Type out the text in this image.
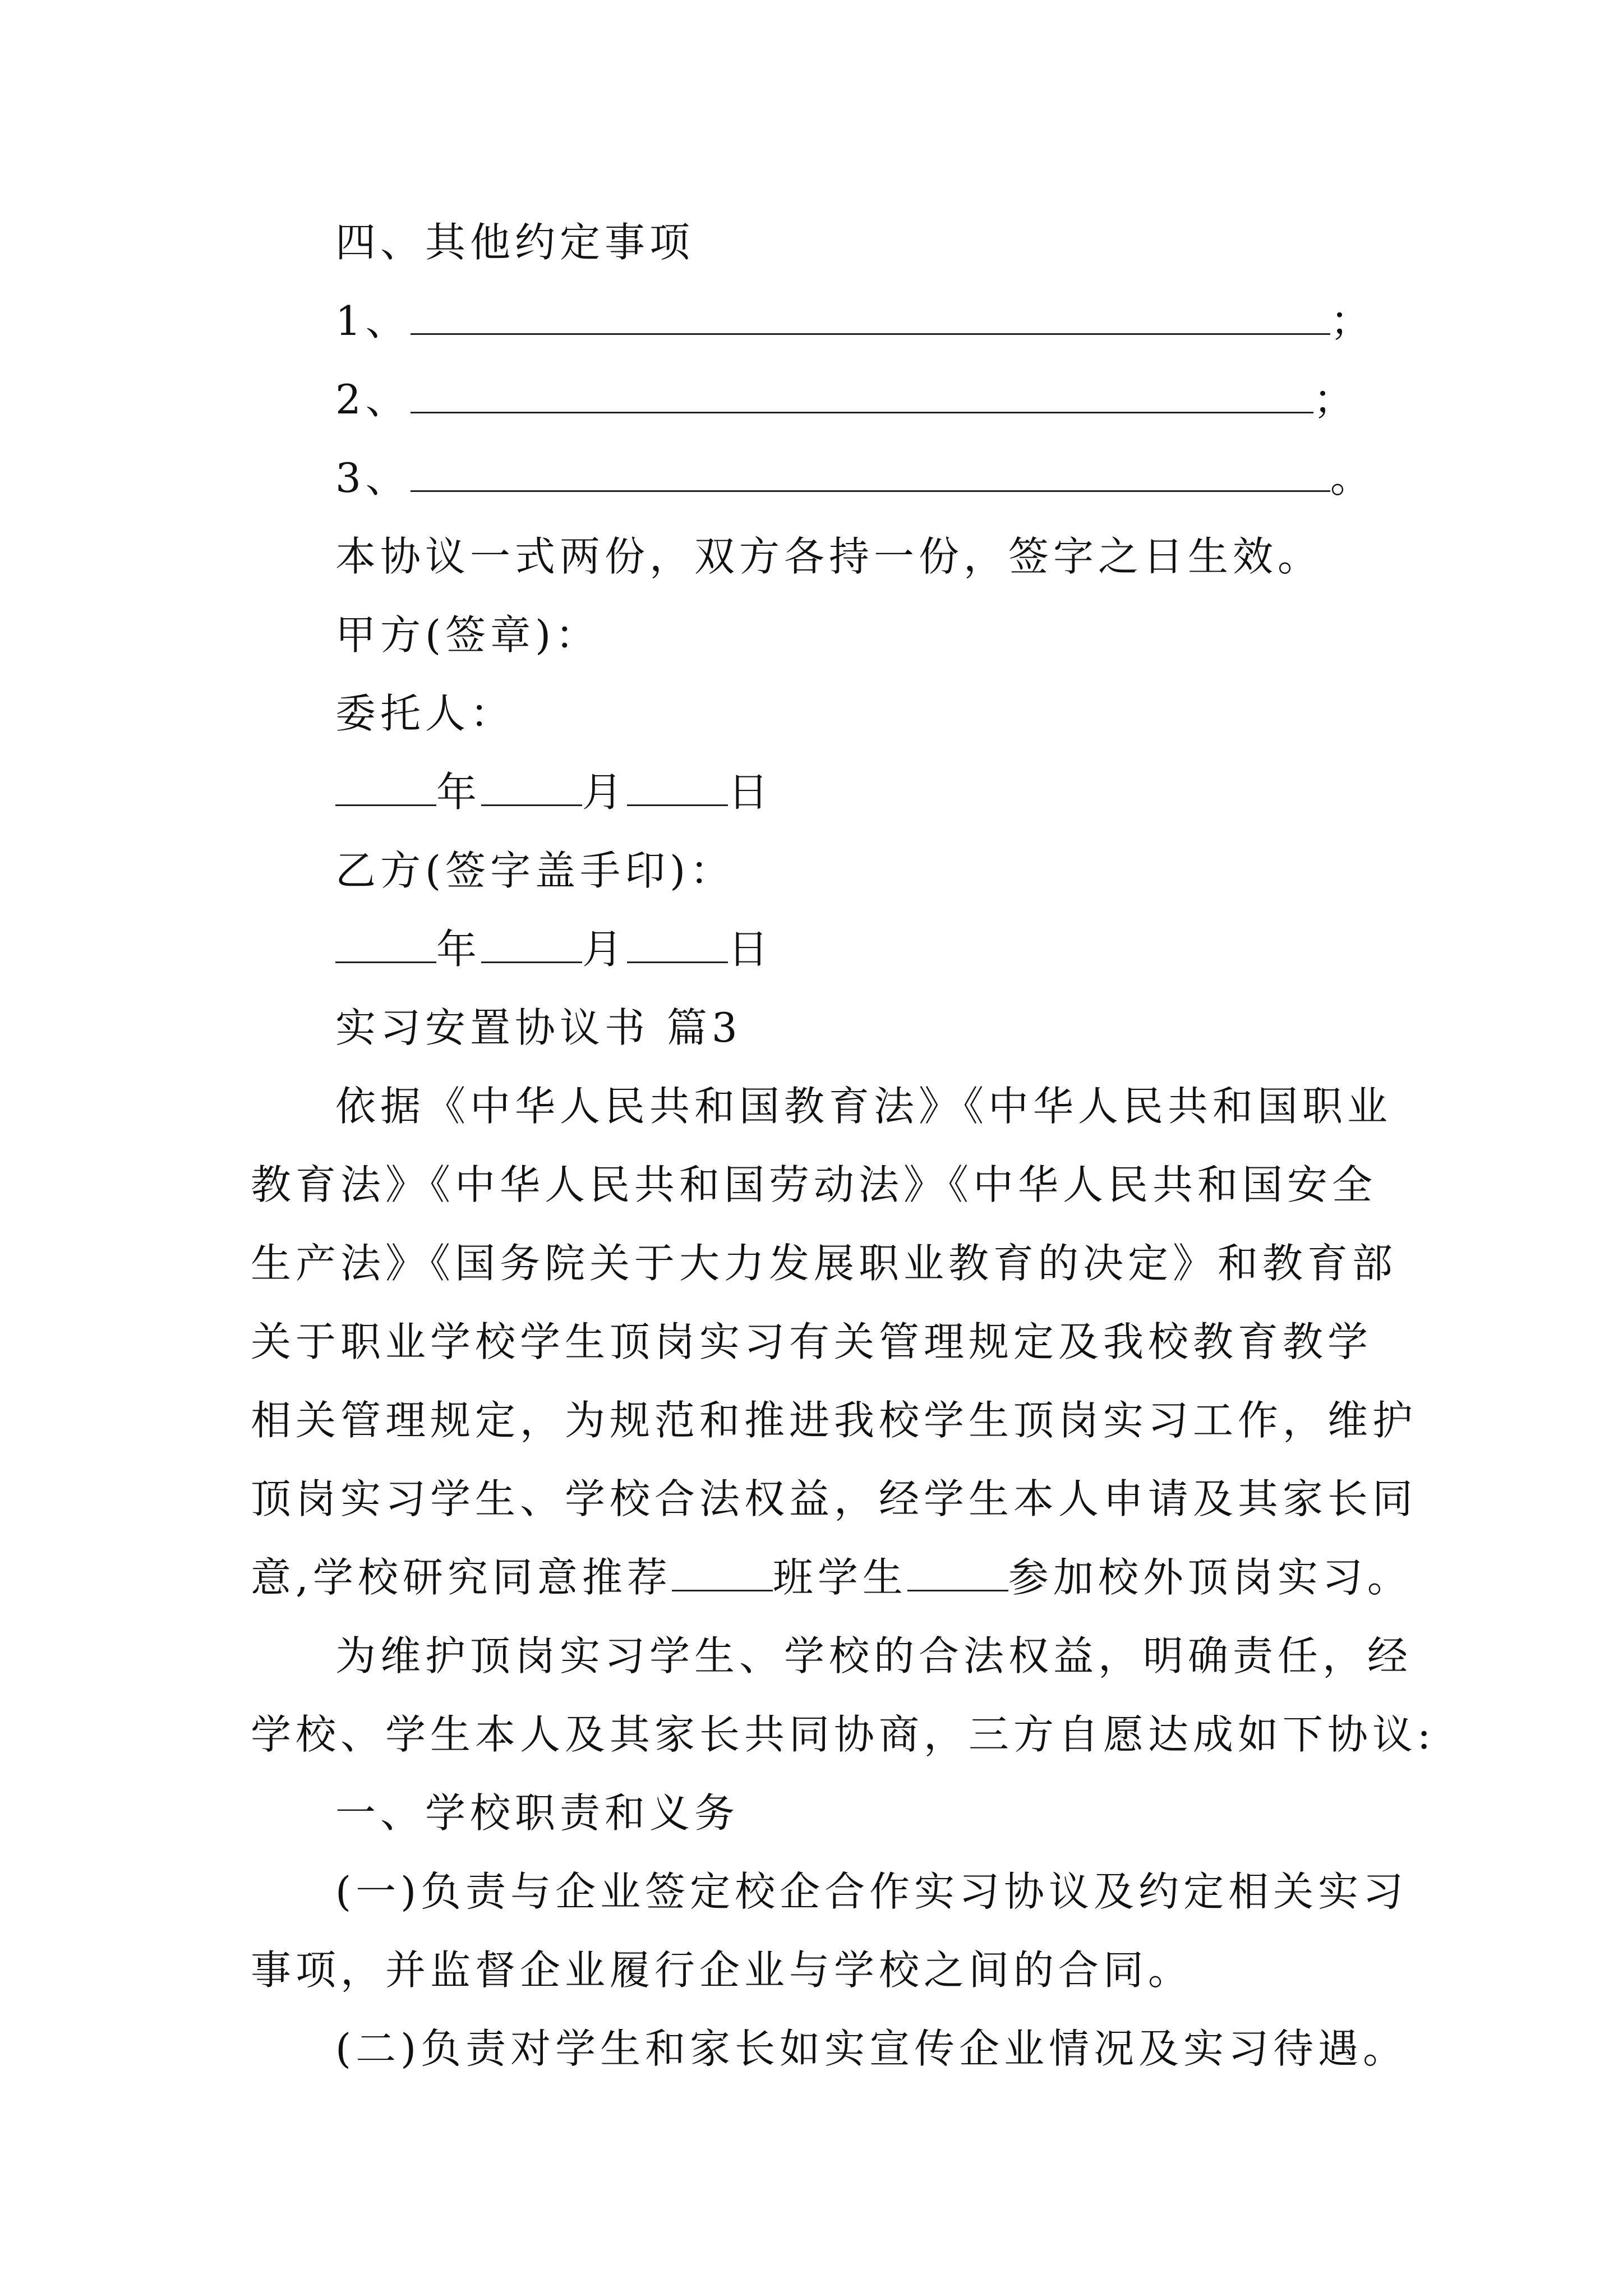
四、其他约定事项
1、	；
2、	；
3、	。
本协议一式两份，双方各持一份，签字之日生效。
甲方(签章)：
委托人：
年	月	日
乙方(签字盖手印)：
年	月	日
实习安置协议书 篇3
依据《中华人民共和国教育法》《中华人民共和国职业
教育法》《中华人民共和国劳动法》《中华人民共和国安全
生产法》《国务院关于大力发展职业教育的决定》和教育部
关于职业学校学生顶岗实习有关管理规定及我校教育教学
相关管理规定，为规范和推进我校学生顶岗实习工作，维护
顶岗实习学生、学校合法权益，经学生本人申请及其家长同
意,学校研究同意推荐	班学生	参加校外顶岗实习。
为维护顶岗实习学生、学校的合法权益，明确责任，经
学校、学生本人及其家长共同协商，三方自愿达成如下协议:
一、学校职责和义务
(一)负责与企业签定校企合作实习协议及约定相关实习
事项，并监督企业履行企业与学校之间的合同。
(二)负责对学生和家长如实宣传企业情况及实习待遇。
